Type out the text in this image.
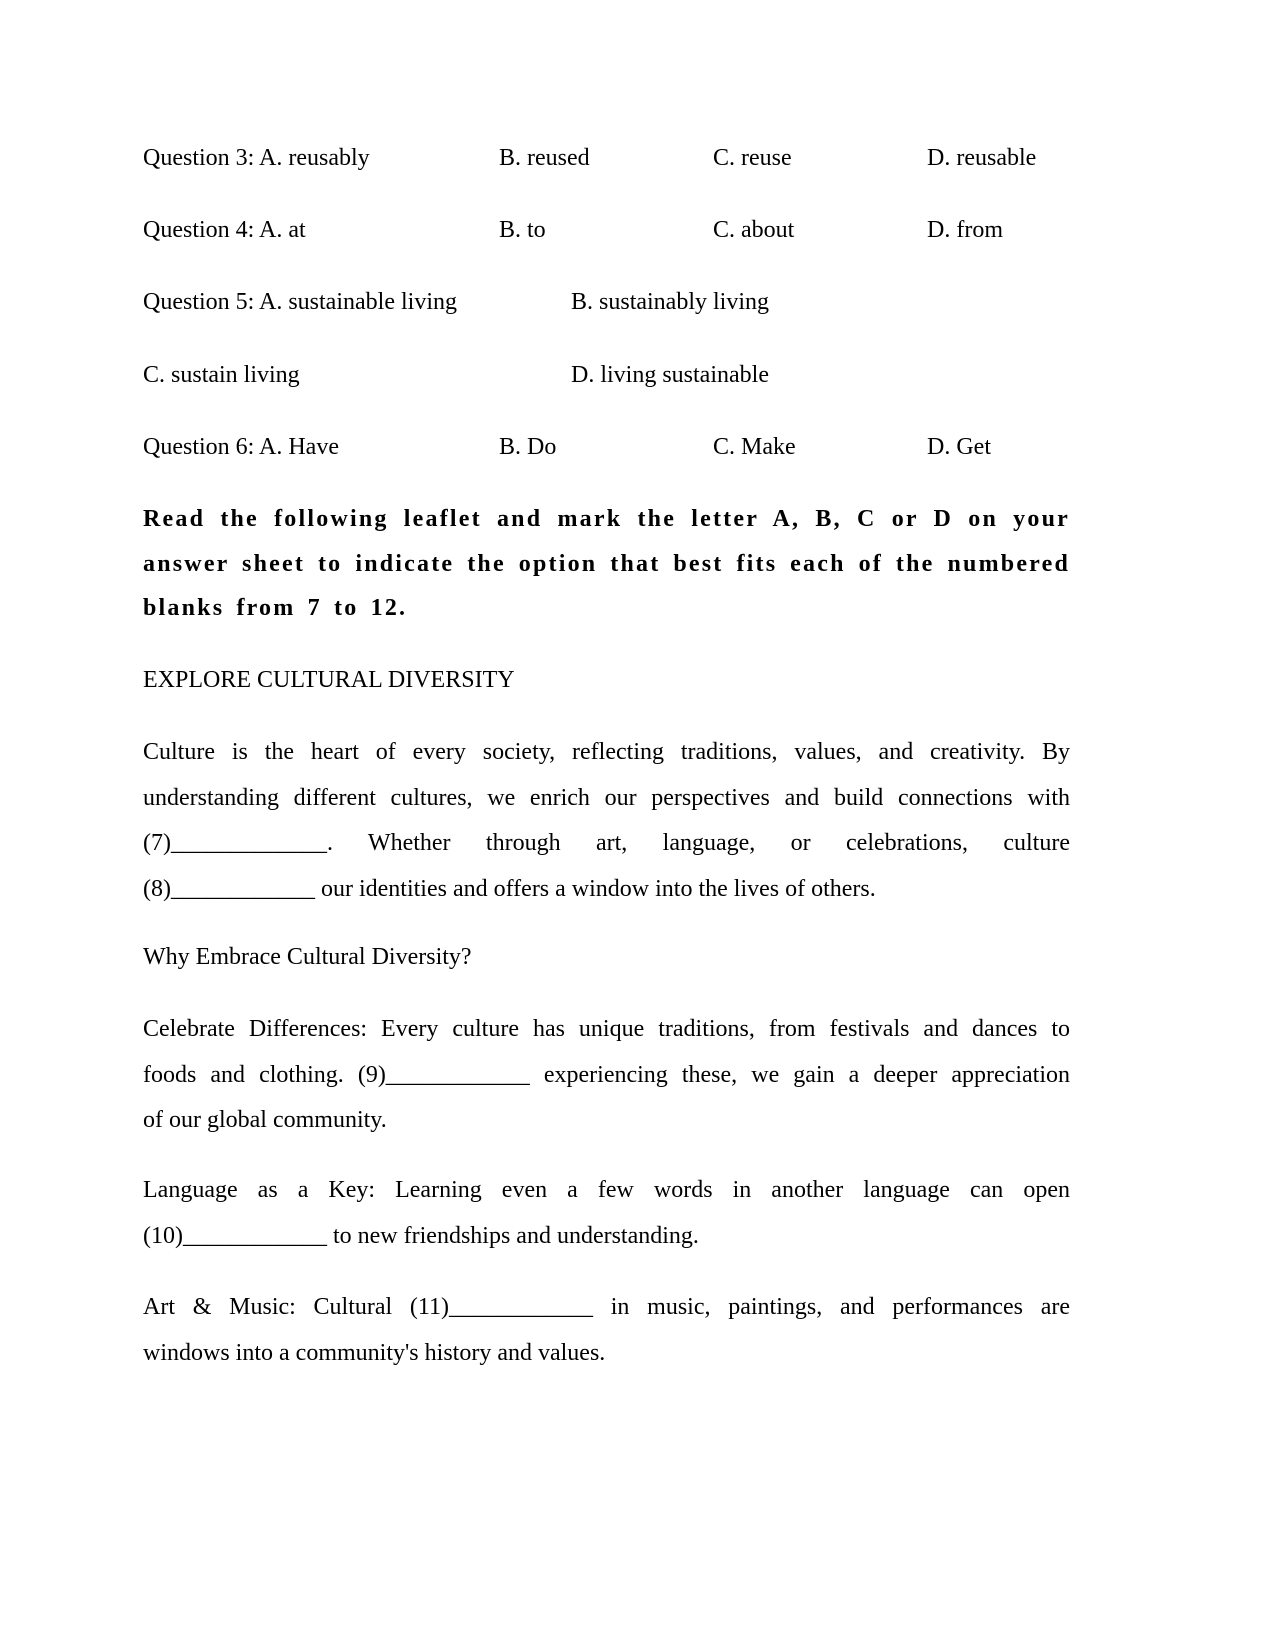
Question 3: A. reusably	B. reused	C. reuse	D. reusable
Question 4: A. at	B. to	C. about	D. from
Question 5: A. sustainable living	B. sustainably living
C. sustain living	D. living sustainable
Question 6: A. Have	B. Do	C. Make	D. Get
Read the following leaflet and mark the letter A, B, C or D on your answer sheet to indicate the option that best fits each of the numbered blanks from 7 to 12.
EXPLORE CULTURAL DIVERSITY
Culture is the heart of every society, reflecting traditions, values, and creativity. By
understanding different cultures, we enrich our perspectives and build connections with
(7)_____________. Whether through art, language, or celebrations, culture
(8)____________ our identities and offers a window into the lives of others.
Why Embrace Cultural Diversity?
Celebrate Differences: Every culture has unique traditions, from festivals and dances to
foods and clothing. (9)____________ experiencing these, we gain a deeper appreciation
of our global community.
Language as a Key: Learning even a few words in another language can open
(10)____________ to new friendships and understanding.
Art & Music: Cultural (11)____________ in music, paintings, and performances are
windows into a community's history and values.
